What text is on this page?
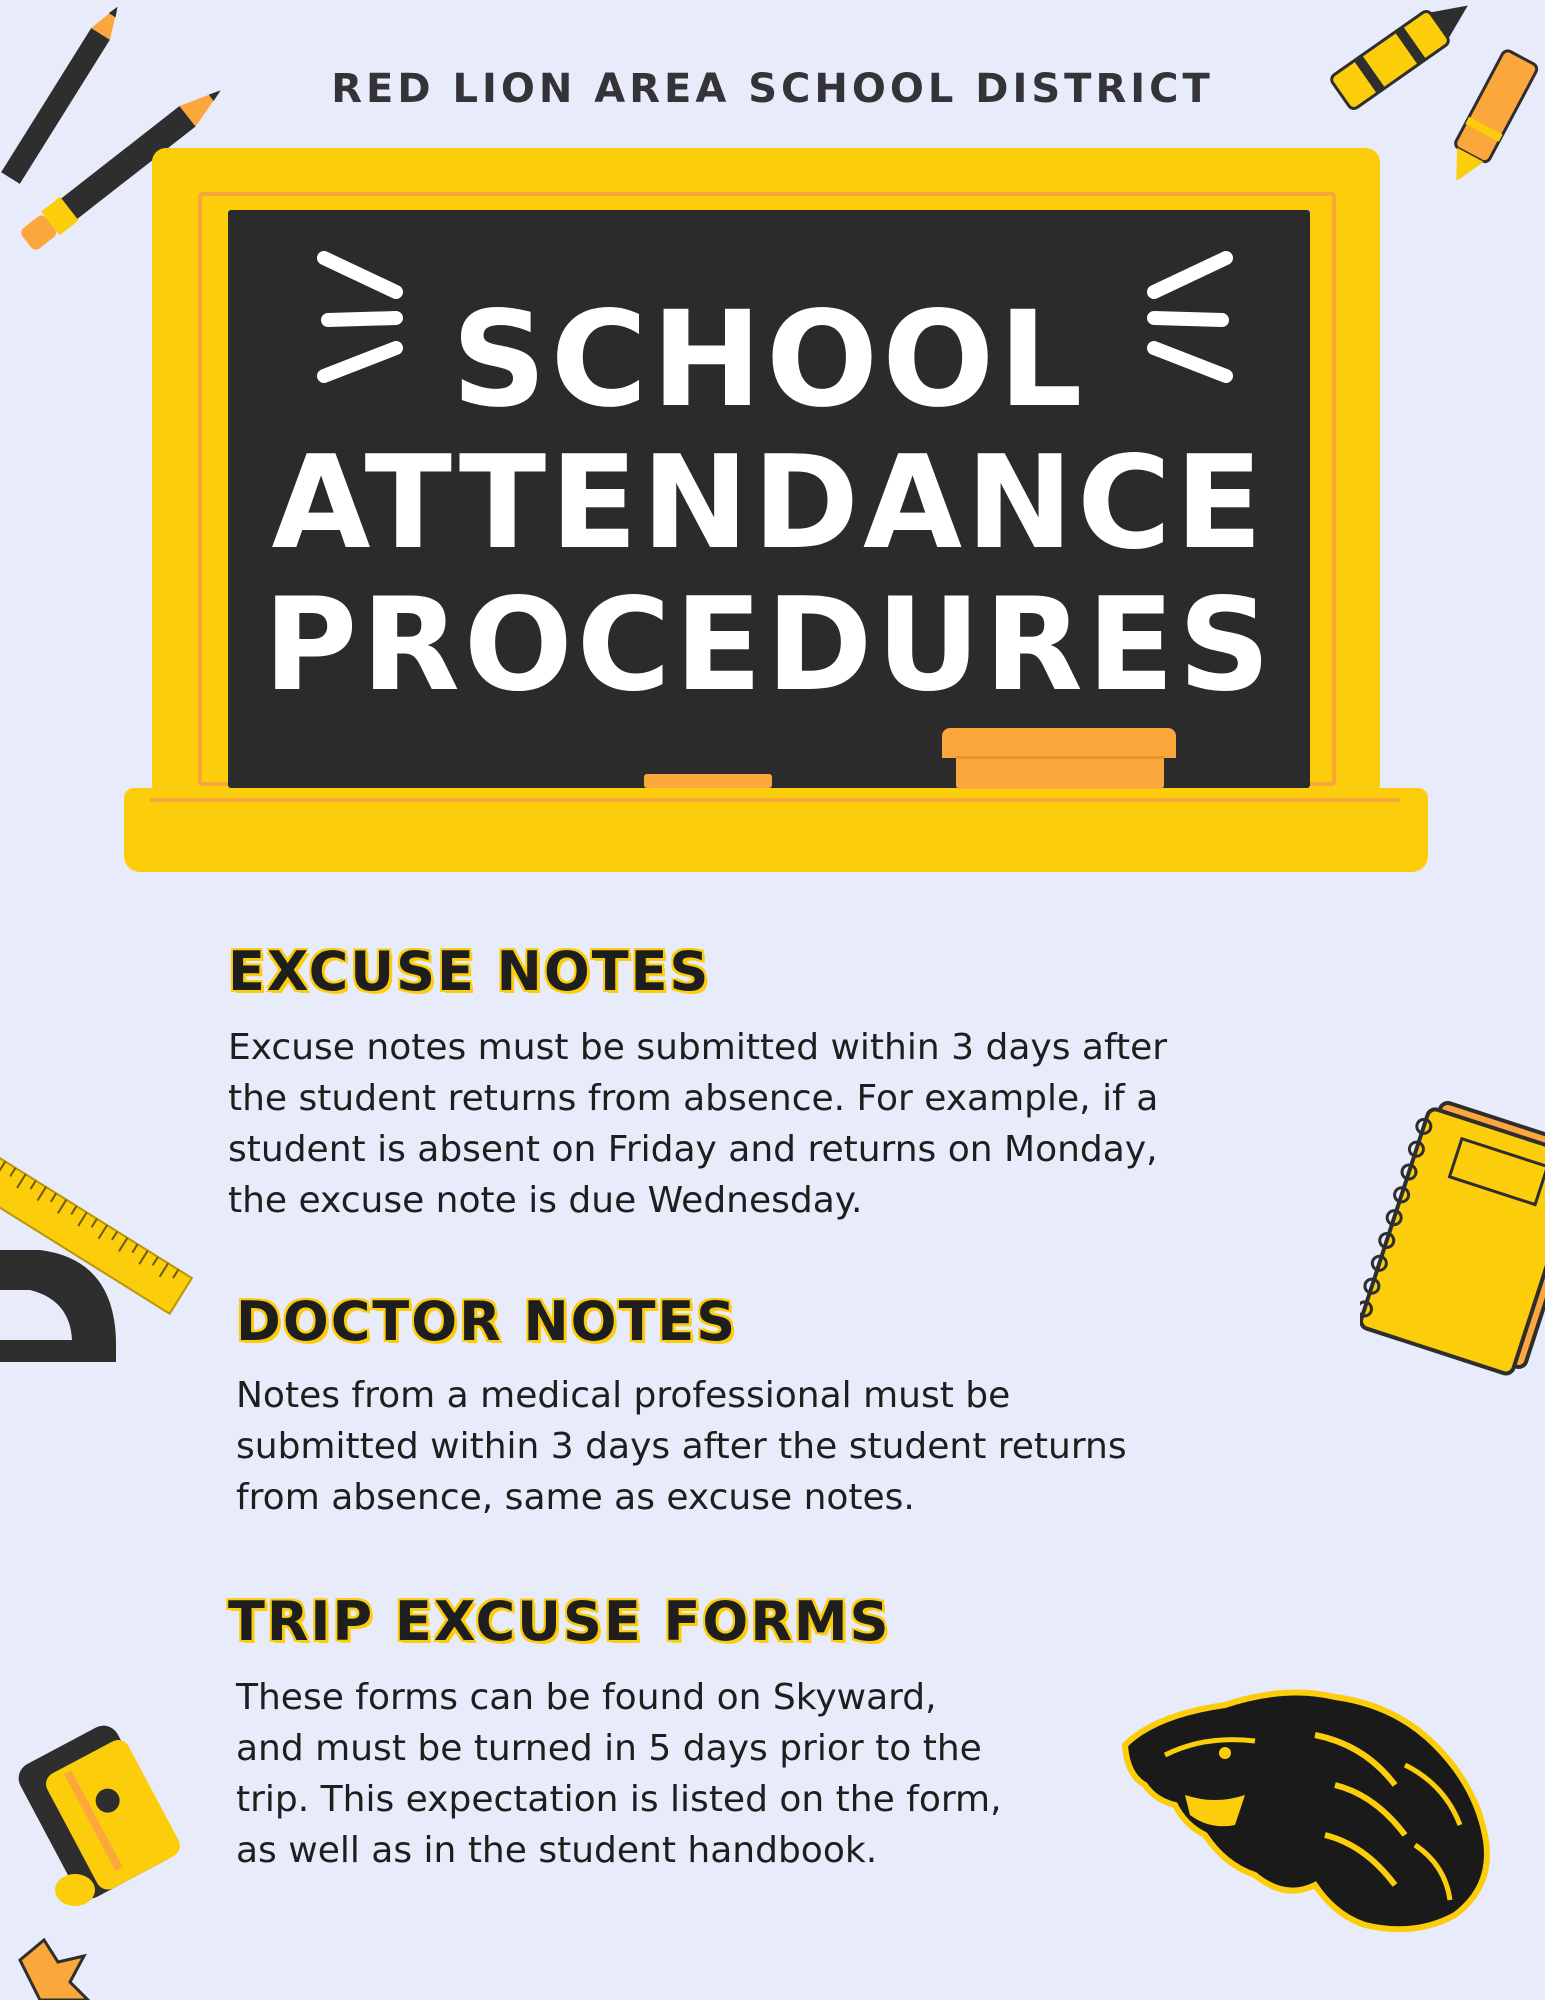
RED LION AREA SCHOOL DISTRICT
SCHOOL
ATTENDANCE
PROCEDURES
EXCUSE NOTES
Excuse notes must be submitted within 3 days after
the student returns from absence. For example, if a
student is absent on Friday and returns on Monday,
the excuse note is due Wednesday.
DOCTOR NOTES
Notes from a medical professional must be
submitted within 3 days after the student returns
from absence, same as excuse notes.
TRIP EXCUSE FORMS
These forms can be found on Skyward,
and must be turned in 5 days prior to the
trip. This expectation is listed on the form,
as well as in the student handbook.
